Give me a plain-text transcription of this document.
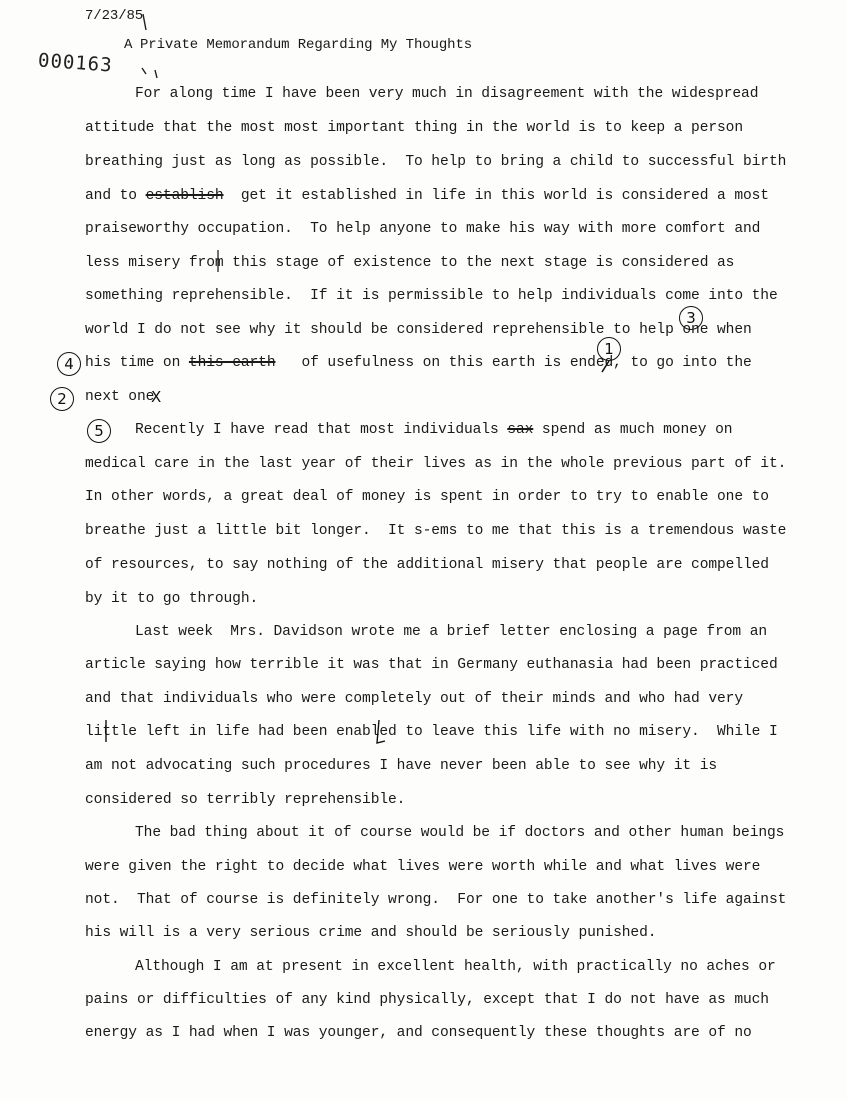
7/23/85
000163
A Private Memorandum Regarding My Thoughts
For along time I have been very much in disagreement with the widespread
attitude that the most most important thing in the world is to keep a person
breathing just as long as possible.  To help to bring a child to successful birth
and to establish  get it established in life in this world is considered a most
praiseworthy occupation.  To help anyone to make his way with more comfort and
less misery from this stage of existence to the next stage is considered as
something reprehensible.  If it is permissible to help individuals come into the
world I do not see why it should be considered reprehensible to help one when
his time on this earth   of usefulness on this earth is ended, to go into the
next one
Recently I have read that most individuals sax spend as much money on
medical care in the last year of their lives as in the whole previous part of it.
In other words, a great deal of money is spent in order to try to enable one to
breathe just a little bit longer.  It s-ems to me that this is a tremendous waste
of resources, to say nothing of the additional misery that people are compelled
by it to go through.
Last week  Mrs. Davidson wrote me a brief letter enclosing a page from an
article saying how terrible it was that in Germany euthanasia had been practiced
and that individuals who were completely out of their minds and who had very
little left in life had been enabled to leave this life with no misery.  While I
am not advocating such procedures I have never been able to see why it is
considered so terribly reprehensible.
The bad thing about it of course would be if doctors and other human beings
were given the right to decide what lives were worth while and what lives were
not.  That of course is definitely wrong.  For one to take another's life against
his will is a very serious crime and should be seriously punished.
Although I am at present in excellent health, with practically no aches or
pains or difficulties of any kind physically, except that I do not have as much
energy as I had when I was younger, and consequently these thoughts are of no
3
1
4
2
5
X
